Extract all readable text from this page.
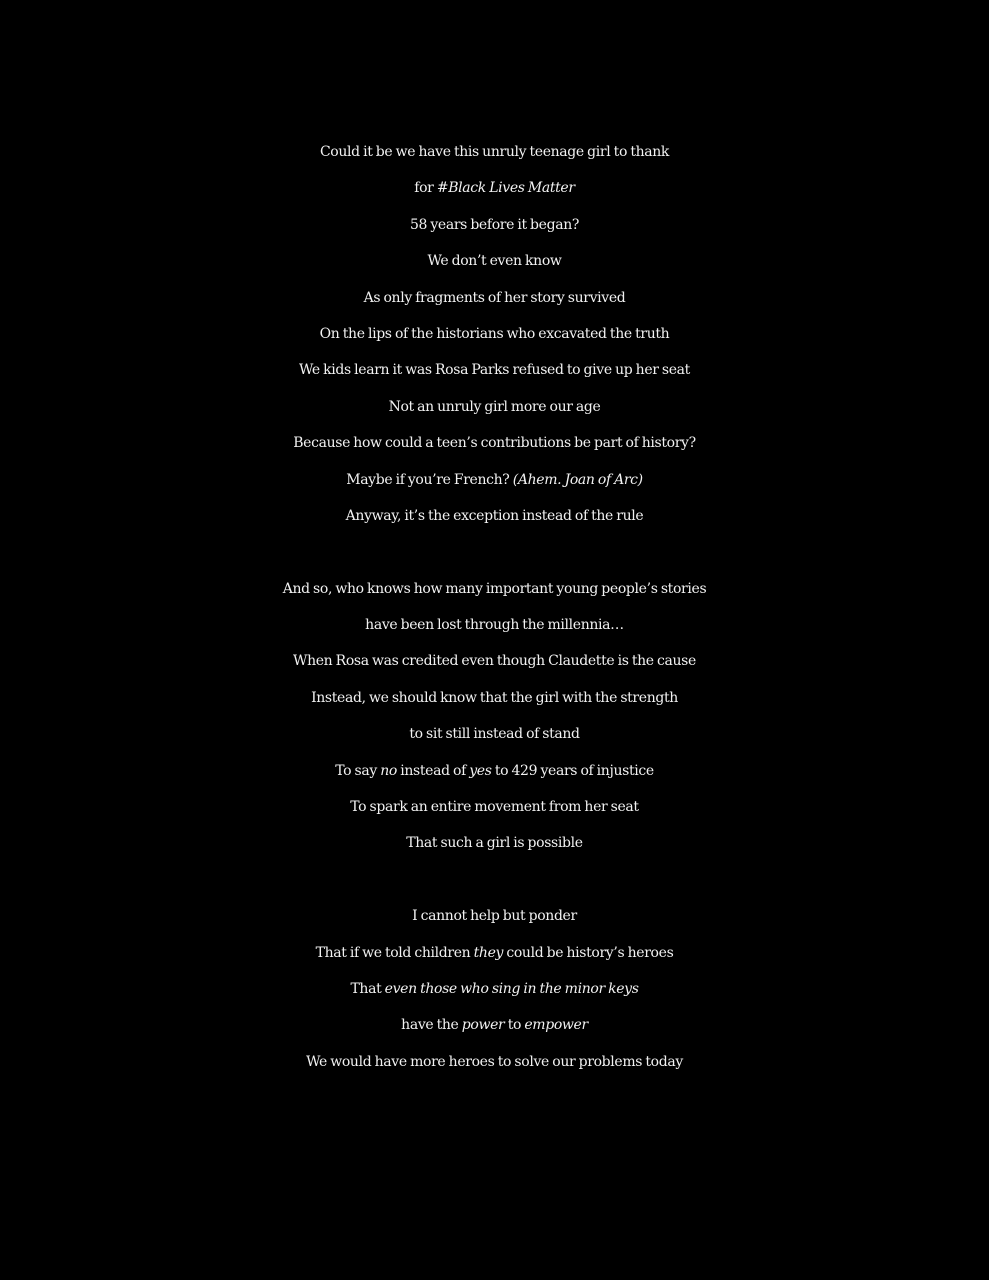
Could it be we have this unruly teenage girl to thank
for #Black Lives Matter
58 years before it began?
We don’t even know
As only fragments of her story survived
On the lips of the historians who excavated the truth
We kids learn it was Rosa Parks refused to give up her seat
Not an unruly girl more our age
Because how could a teen’s contributions be part of history?
Maybe if you’re French? (Ahem. Joan of Arc)
Anyway, it’s the exception instead of the rule
And so, who knows how many important young people’s stories
have been lost through the millennia…
When Rosa was credited even though Claudette is the cause
Instead, we should know that the girl with the strength
to sit still instead of stand
To say no instead of yes to 429 years of injustice
To spark an entire movement from her seat
That such a girl is possible
I cannot help but ponder
That if we told children they could be history’s heroes
That even those who sing in the minor keys
have the power to empower
We would have more heroes to solve our problems today
